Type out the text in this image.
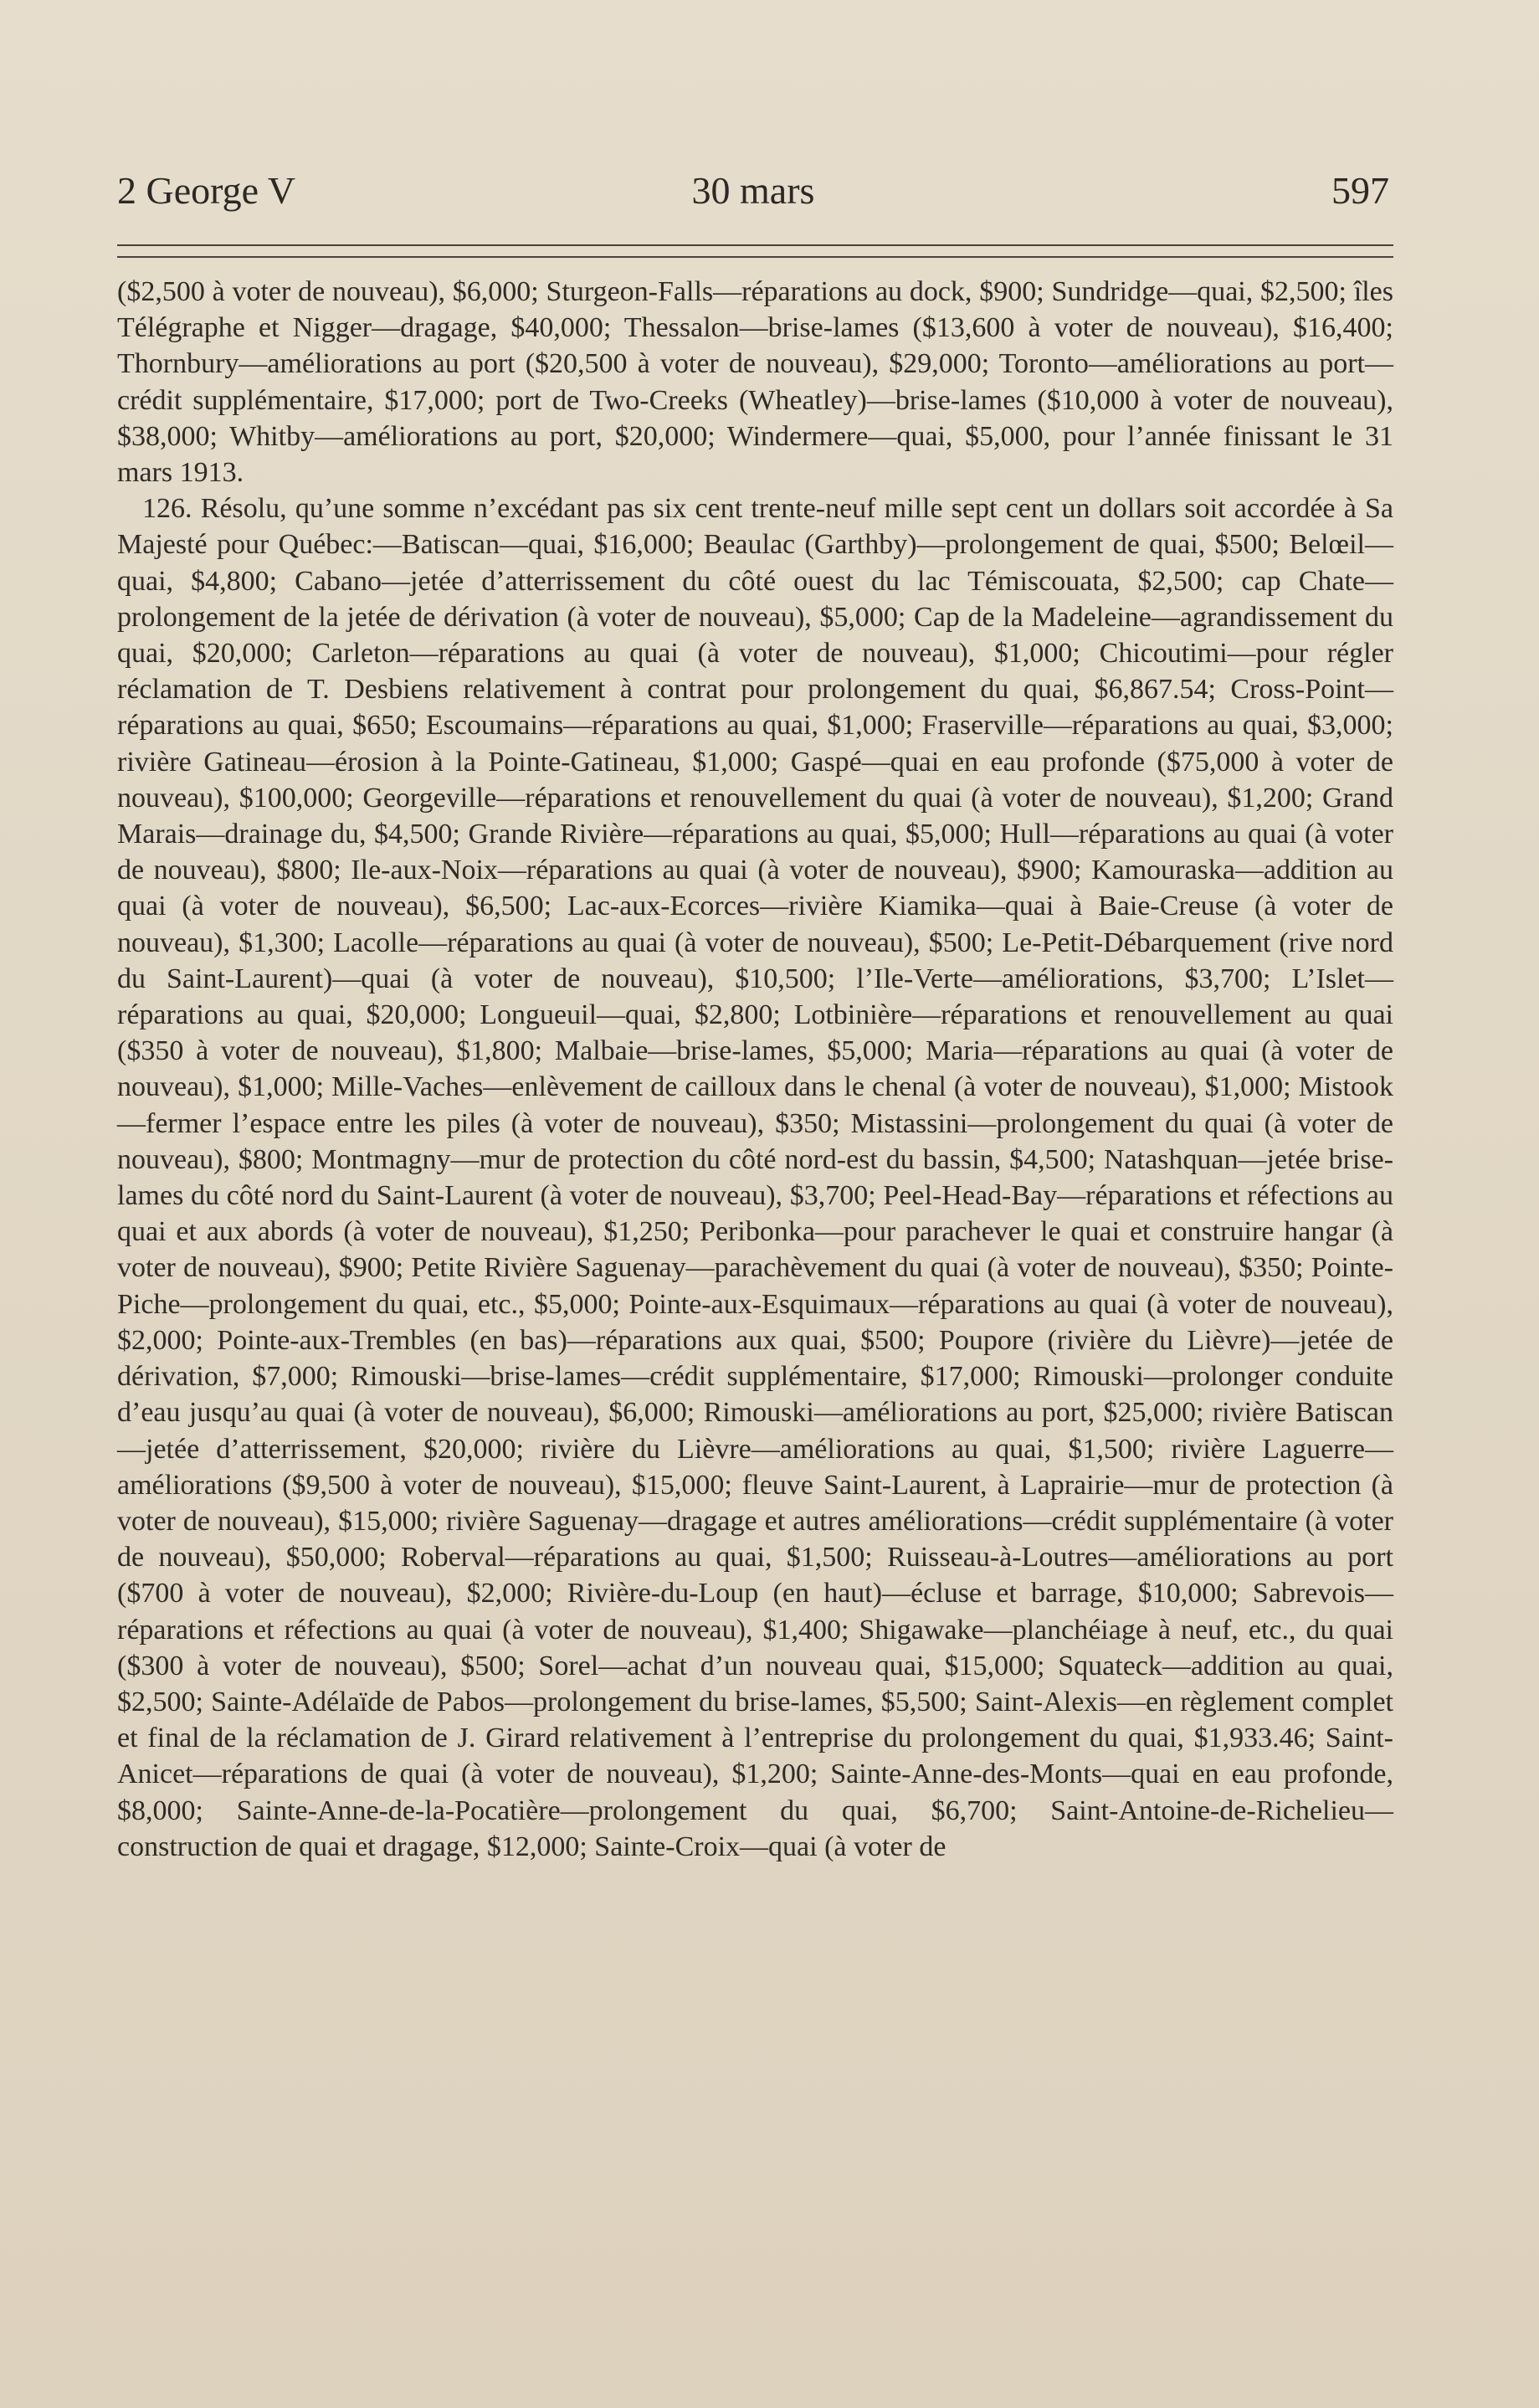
2 George V	30 mars	597

($2,500 à voter de nouveau), $6,000; Sturgeon-Falls—réparations au dock, $900; Sundridge—quai, $2,500; îles Télégraphe et Nigger—dragage, $40,000; Thessalon—brise-lames ($13,600 à voter de nouveau), $16,400; Thornbury—améliorations au port ($20,500 à voter de nouveau), $29,000; Toronto—améliorations au port—crédit supplémentaire, $17,000; port de Two-Creeks (Wheatley)—brise-lames ($10,000 à voter de nouveau), $38,000; Whitby—améliorations au port, $20,000; Windermere—quai, $5,000, pour l’année finissant le 31 mars 1913.

126. Résolu, qu’une somme n’excédant pas six cent trente-neuf mille sept cent un dollars soit accordée à Sa Majesté pour Québec:—Batiscan—quai, $16,000; Beaulac (Garthby)—prolongement de quai, $500; Belœil—quai, $4,800; Cabano—jetée d’atterrissement du côté ouest du lac Témiscouata, $2,500; cap Chate—prolongement de la jetée de dérivation (à voter de nouveau), $5,000; Cap de la Madeleine—agrandissement du quai, $20,000; Carleton—réparations au quai (à voter de nouveau), $1,000; Chicoutimi—pour régler réclamation de T. Desbiens relativement à contrat pour prolongement du quai, $6,867.54; Cross-Point—réparations au quai, $650; Escoumains—réparations au quai, $1,000; Fraserville—réparations au quai, $3,000; rivière Gatineau—érosion à la Pointe-Gatineau, $1,000; Gaspé—quai en eau profonde ($75,000 à voter de nouveau), $100,000; Georgeville—réparations et renouvellement du quai (à voter de nouveau), $1,200; Grand Marais—drainage du, $4,500; Grande Rivière—réparations au quai, $5,000; Hull—réparations au quai (à voter de nouveau), $800; Ile-aux-Noix—réparations au quai (à voter de nouveau), $900; Kamouraska—addition au quai (à voter de nouveau), $6,500; Lac-aux-Ecorces—rivière Kiamika—quai à Baie-Creuse (à voter de nouveau), $1,300; Lacolle—réparations au quai (à voter de nouveau), $500; Le-Petit-Débarquement (rive nord du Saint-Laurent)—quai (à voter de nouveau), $10,500; l’Ile-Verte—améliorations, $3,700; L’Islet—réparations au quai, $20,000; Longueuil—quai, $2,800; Lotbinière—réparations et renouvellement au quai ($350 à voter de nouveau), $1,800; Malbaie—brise-lames, $5,000; Maria—réparations au quai (à voter de nouveau), $1,000; Mille-Vaches—enlèvement de cailloux dans le chenal (à voter de nouveau), $1,000; Mistook—fermer l’espace entre les piles (à voter de nouveau), $350; Mistassini—prolongement du quai (à voter de nouveau), $800; Montmagny—mur de protection du côté nord-est du bassin, $4,500; Natashquan—jetée brise-lames du côté nord du Saint-Laurent (à voter de nouveau), $3,700; Peel-Head-Bay—réparations et réfections au quai et aux abords (à voter de nouveau), $1,250; Peribonka—pour parachever le quai et construire hangar (à voter de nouveau), $900; Petite Rivière Saguenay—parachèvement du quai (à voter de nouveau), $350; Pointe-Piche—prolongement du quai, etc., $5,000; Pointe-aux-Esquimaux—réparations au quai (à voter de nouveau), $2,000; Pointe-aux-Trembles (en bas)—réparations aux quai, $500; Poupore (rivière du Lièvre)—jetée de dérivation, $7,000; Rimouski—brise-lames—crédit supplémentaire, $17,000; Rimouski—prolonger conduite d’eau jusqu’au quai (à voter de nouveau), $6,000; Rimouski—améliorations au port, $25,000; rivière Batiscan—jetée d’atterrissement, $20,000; rivière du Lièvre—améliorations au quai, $1,500; rivière Laguerre—améliorations ($9,500 à voter de nouveau), $15,000; fleuve Saint-Laurent, à Laprairie—mur de protection (à voter de nouveau), $15,000; rivière Saguenay—dragage et autres améliorations—crédit supplémentaire (à voter de nouveau), $50,000; Roberval—réparations au quai, $1,500; Ruisseau-à-Loutres—améliorations au port ($700 à voter de nouveau), $2,000; Rivière-du-Loup (en haut)—écluse et barrage, $10,000; Sabrevois—réparations et réfections au quai (à voter de nouveau), $1,400; Shigawake—planchéiage à neuf, etc., du quai ($300 à voter de nouveau), $500; Sorel—achat d’un nouveau quai, $15,000; Squateck—addition au quai, $2,500; Sainte-Adélaïde de Pabos—prolongement du brise-lames, $5,500; Saint-Alexis—en règlement complet et final de la réclamation de J. Girard relativement à l’entreprise du prolongement du quai, $1,933.46; Saint-Anicet—réparations de quai (à voter de nouveau), $1,200; Sainte-Anne-des-Monts—quai en eau profonde, $8,000; Sainte-Anne-de-la-Pocatière—prolongement du quai, $6,700; Saint-Antoine-de-Richelieu—construction de quai et dragage, $12,000; Sainte-Croix—quai (à voter de
